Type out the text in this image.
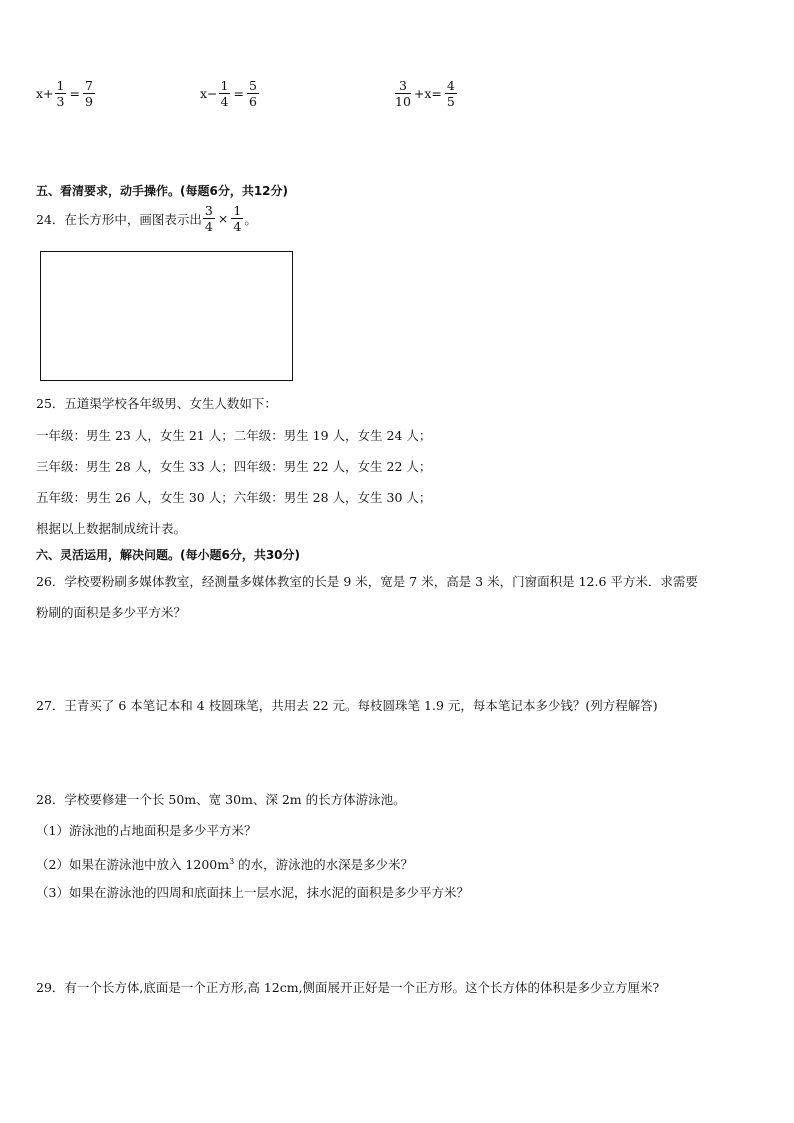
$x+ \frac{1}{3} = \frac{7}{9}$	$x- \frac{1}{4} = \frac{5}{6}$	$\frac{3}{10} +x= \frac{4}{5}$
五、看清要求，动手操作。(每题6分，共12分)
24．在长方形中，画图表示出 $\frac{3}{4} \times \frac{1}{4}$ 。
25．五道渠学校各年级男、女生人数如下：
一年级：男生 23 人，女生 21 人；二年级：男生 19 人，女生 24 人；
三年级：男生 28 人，女生 33 人；四年级：男生 22 人，女生 22 人；
五年级：男生 26 人，女生 30 人；六年级：男生 28 人，女生 30 人；
根据以上数据制成统计表。
六、灵活运用，解决问题。(每小题6分，共30分)
26．学校要粉刷多媒体教室，经测量多媒体教室的长是 9 米，宽是 7 米，高是 3 米，门窗面积是 12.6 平方米．求需要
粉刷的面积是多少平方米？
27．王青买了 6 本笔记本和 4 枝圆珠笔，共用去 22 元。每枝圆珠笔 1.9 元，每本笔记本多少钱？(列方程解答)
28．学校要修建一个长 50m、宽 30m、深 2m 的长方体游泳池。
（1）游泳池的占地面积是多少平方米？
（2）如果在游泳池中放入 $1200m^3$ 的水，游泳池的水深是多少米？
（3）如果在游泳池的四周和底面抹上一层水泥，抹水泥的面积是多少平方米？
29．有一个长方体,底面是一个正方形,高 12cm,侧面展开正好是一个正方形。这个长方体的体积是多少立方厘米?
